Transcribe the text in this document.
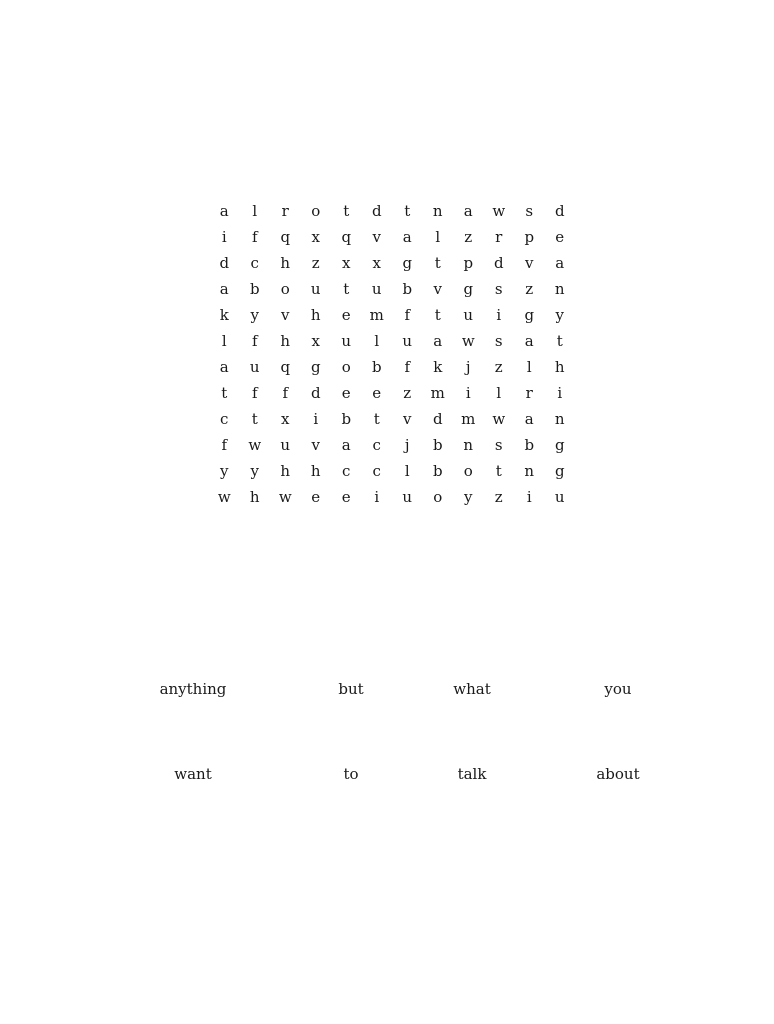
a	l	r	o	t	d	t	n	a	w	s	d
i	f	q	x	q	v	a	l	z	r	p	e
d	c	h	z	x	x	g	t	p	d	v	a
a	b	o	u	t	u	b	v	g	s	z	n
k	y	v	h	e	m	f	t	u	i	g	y
l	f	h	x	u	l	u	a	w	s	a	t
a	u	q	g	o	b	f	k	j	z	l	h
t	f	f	d	e	e	z	m	i	l	r	i
c	t	x	i	b	t	v	d	m	w	a	n
f	w	u	v	a	c	j	b	n	s	b	g
y	y	h	h	c	c	l	b	o	t	n	g
w	h	w	e	e	i	u	o	y	z	i	u
anything	but	what	you
want	to	talk	about
